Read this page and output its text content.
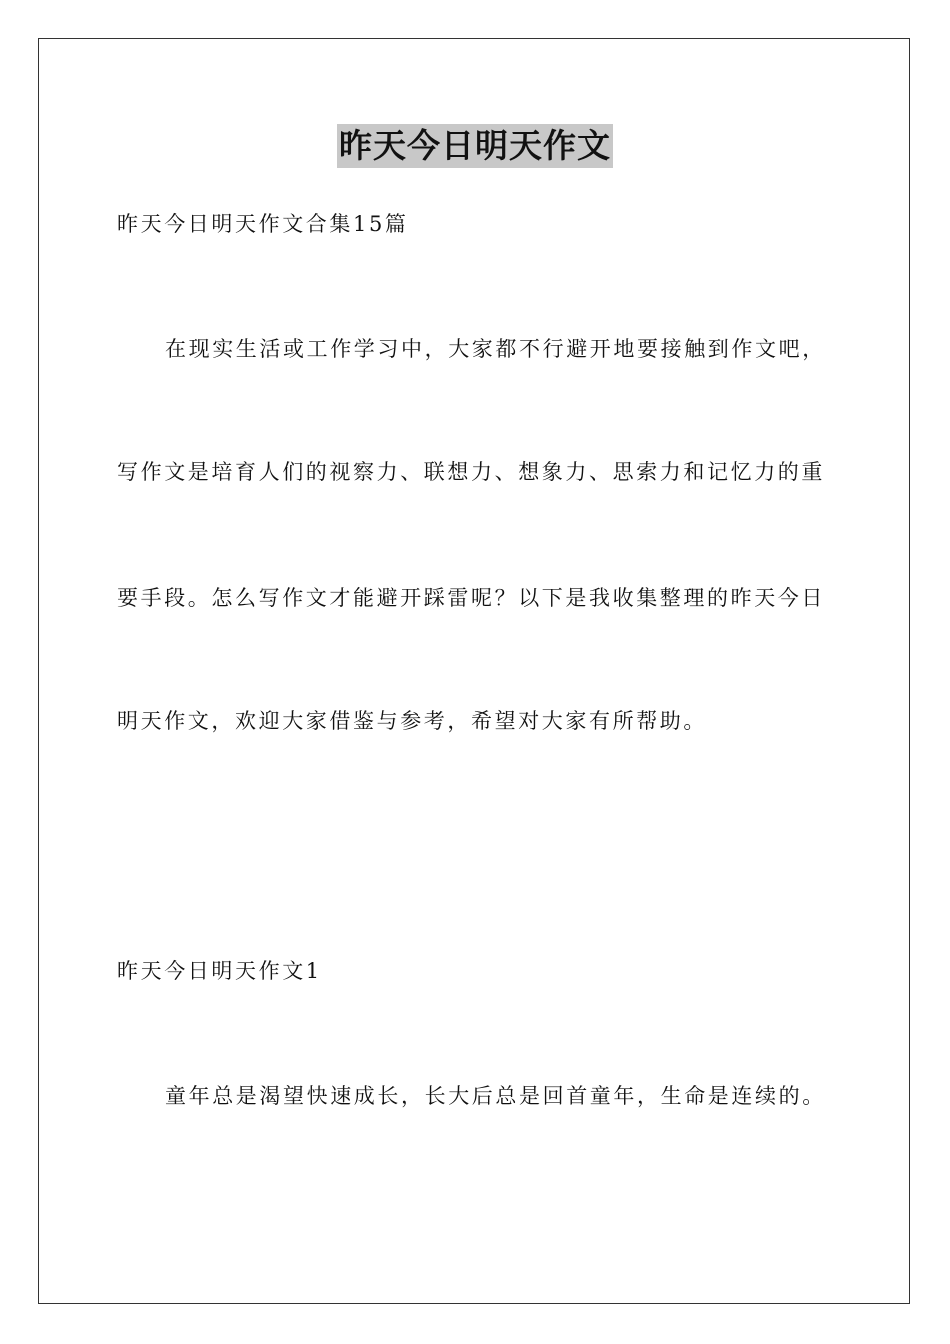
昨天今日明天作文
昨天今日明天作文合集15篇
在现实生活或工作学习中，大家都不行避开地要接触到作文吧，
写作文是培育人们的视察力、联想力、想象力、思索力和记忆力的重
要手段。怎么写作文才能避开踩雷呢？以下是我收集整理的昨天今日
明天作文，欢迎大家借鉴与参考，希望对大家有所帮助。
昨天今日明天作文1
童年总是渴望快速成长，长大后总是回首童年，生命是连续的。
